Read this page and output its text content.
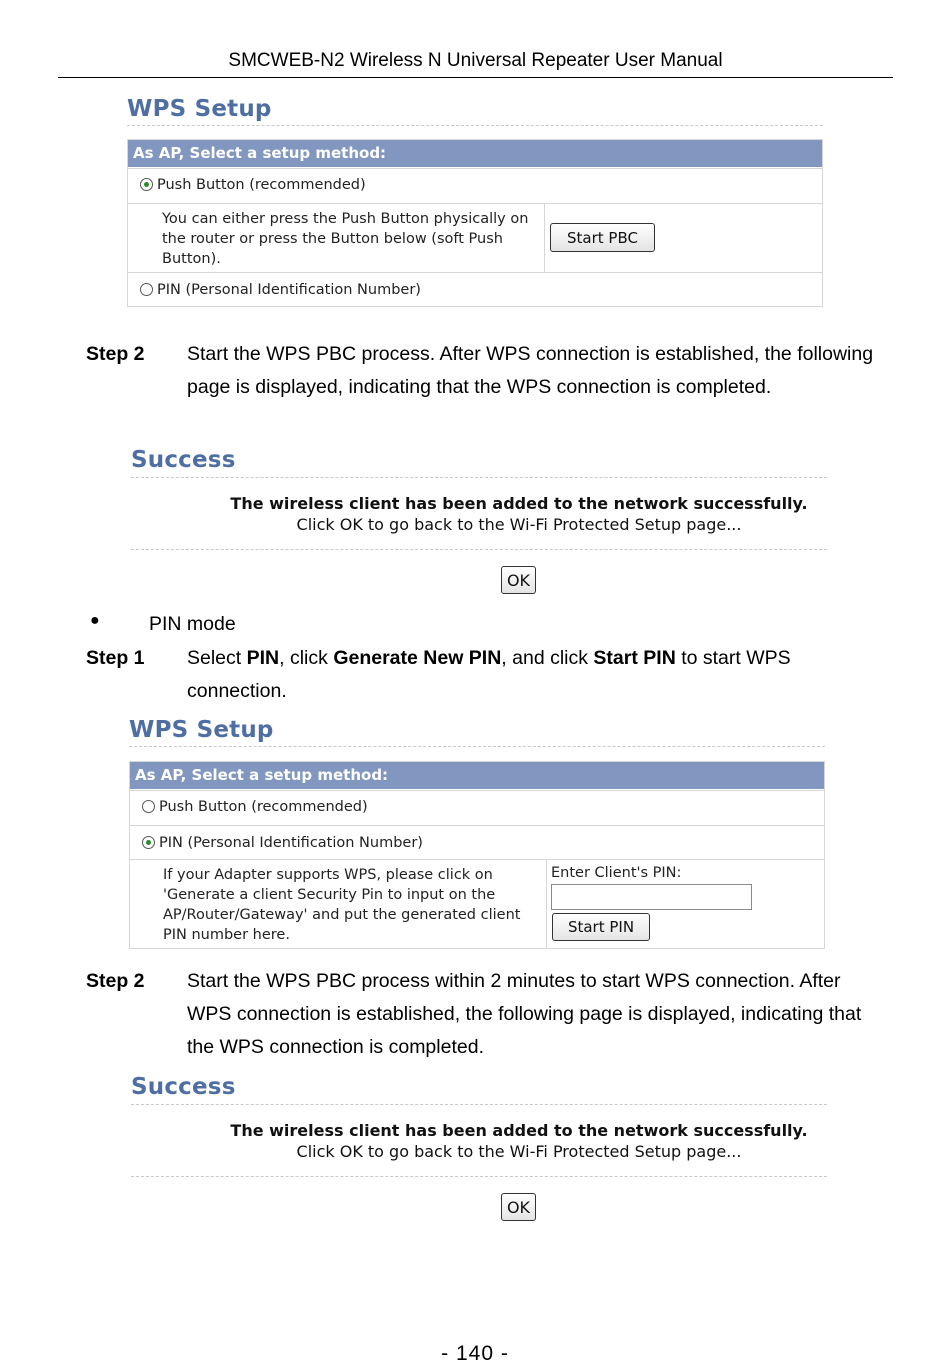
SMCWEB-N2 Wireless N Universal Repeater User Manual
WPS Setup
As AP, Select a setup method:
Push Button (recommended)
You can either press the Push Button physically on the router or press the Button below (soft Push Button).
Start PBC
PIN (Personal Identification Number)
Step 2 Start the WPS PBC process. After WPS connection is established, the following page is displayed, indicating that the WPS connection is completed.
Success
The wireless client has been added to the network successfully.
Click OK to go back to the Wi-Fi Protected Setup page...
OK
●	PIN mode
Step 1 Select PIN, click Generate New PIN, and click Start PIN to start WPS connection.
WPS Setup
As AP, Select a setup method:
Push Button (recommended)
PIN (Personal Identification Number)
If your Adapter supports WPS, please click on 'Generate a client Security Pin to input on the AP/Router/Gateway' and put the generated client PIN number here.
Enter Client's PIN:
Start PIN
Step 2 Start the WPS PBC process within 2 minutes to start WPS connection. After WPS connection is established, the following page is displayed, indicating that the WPS connection is completed.
Success
The wireless client has been added to the network successfully.
Click OK to go back to the Wi-Fi Protected Setup page...
OK
- 140 -
